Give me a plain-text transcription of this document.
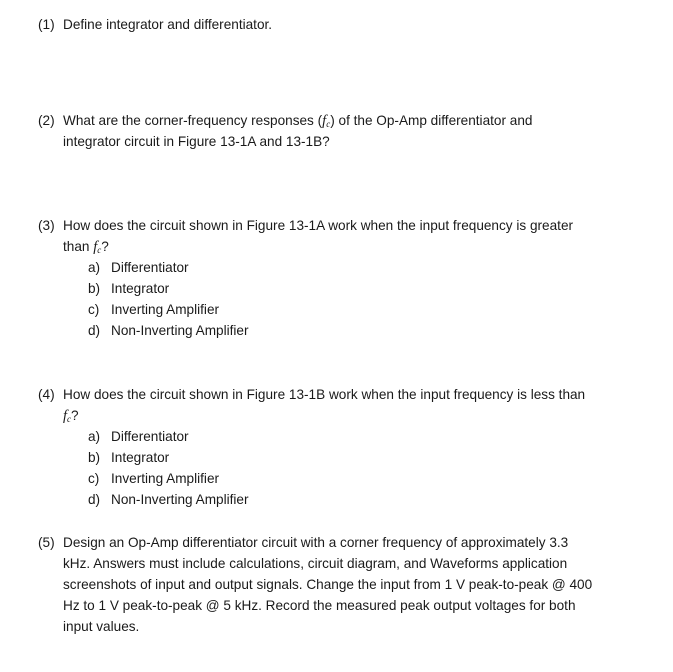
(1) Define integrator and differentiator.
(2) What are the corner-frequency responses $(f_c)$ of the Op-Amp differentiator and
integrator circuit in Figure 13-1A and 13-1B?
(3) How does the circuit shown in Figure 13-1A work when the input frequency is greater
than $f_c$?
a) Differentiator
b) Integrator
c) Inverting Amplifier
d) Non-Inverting Amplifier
(4) How does the circuit shown in Figure 13-1B work when the input frequency is less than
$f_c$?
a) Differentiator
b) Integrator
c) Inverting Amplifier
d) Non-Inverting Amplifier
(5) Design an Op-Amp differentiator circuit with a corner frequency of approximately 3.3
kHz. Answers must include calculations, circuit diagram, and Waveforms application
screenshots of input and output signals. Change the input from 1 V peak-to-peak @ 400
Hz to 1 V peak-to-peak @ 5 kHz. Record the measured peak output voltages for both
input values.
